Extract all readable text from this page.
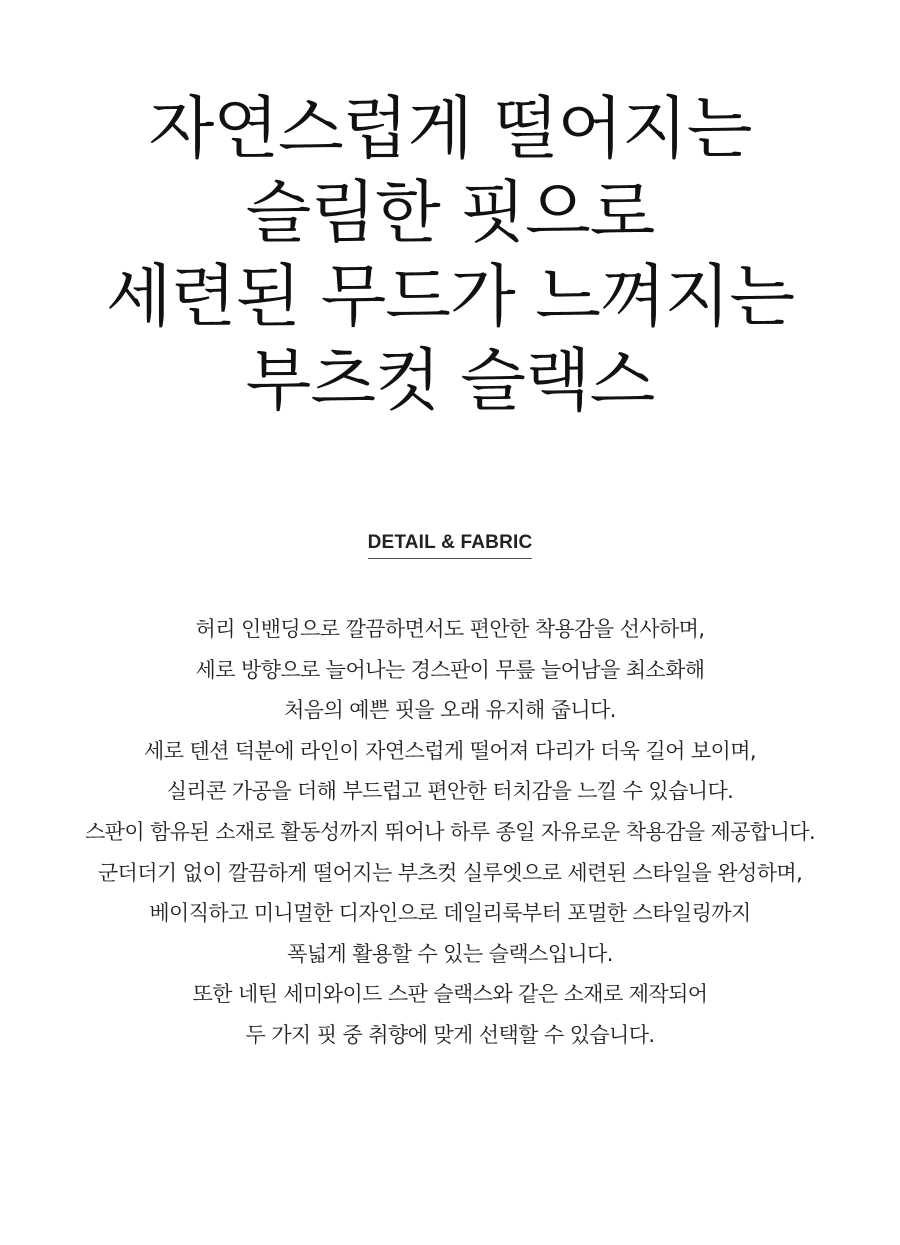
자연스럽게 떨어지는
슬림한 핏으로
세련된 무드가 느껴지는
부츠컷 슬랙스
DETAIL & FABRIC

허리 인밴딩으로 깔끔하면서도 편안한 착용감을 선사하며,
세로 방향으로 늘어나는 경스판이 무릎 늘어남을 최소화해
처음의 예쁜 핏을 오래 유지해 줍니다.
세로 텐션 덕분에 라인이 자연스럽게 떨어져 다리가 더욱 길어 보이며,
실리콘 가공을 더해 부드럽고 편안한 터치감을 느낄 수 있습니다.
스판이 함유된 소재로 활동성까지 뛰어나 하루 종일 자유로운 착용감을 제공합니다.
군더더기 없이 깔끔하게 떨어지는 부츠컷 실루엣으로 세련된 스타일을 완성하며,
베이직하고 미니멀한 디자인으로 데일리룩부터 포멀한 스타일링까지
폭넓게 활용할 수 있는 슬랙스입니다.
또한 네틴 세미와이드 스판 슬랙스와 같은 소재로 제작되어
두 가지 핏 중 취향에 맞게 선택할 수 있습니다.
